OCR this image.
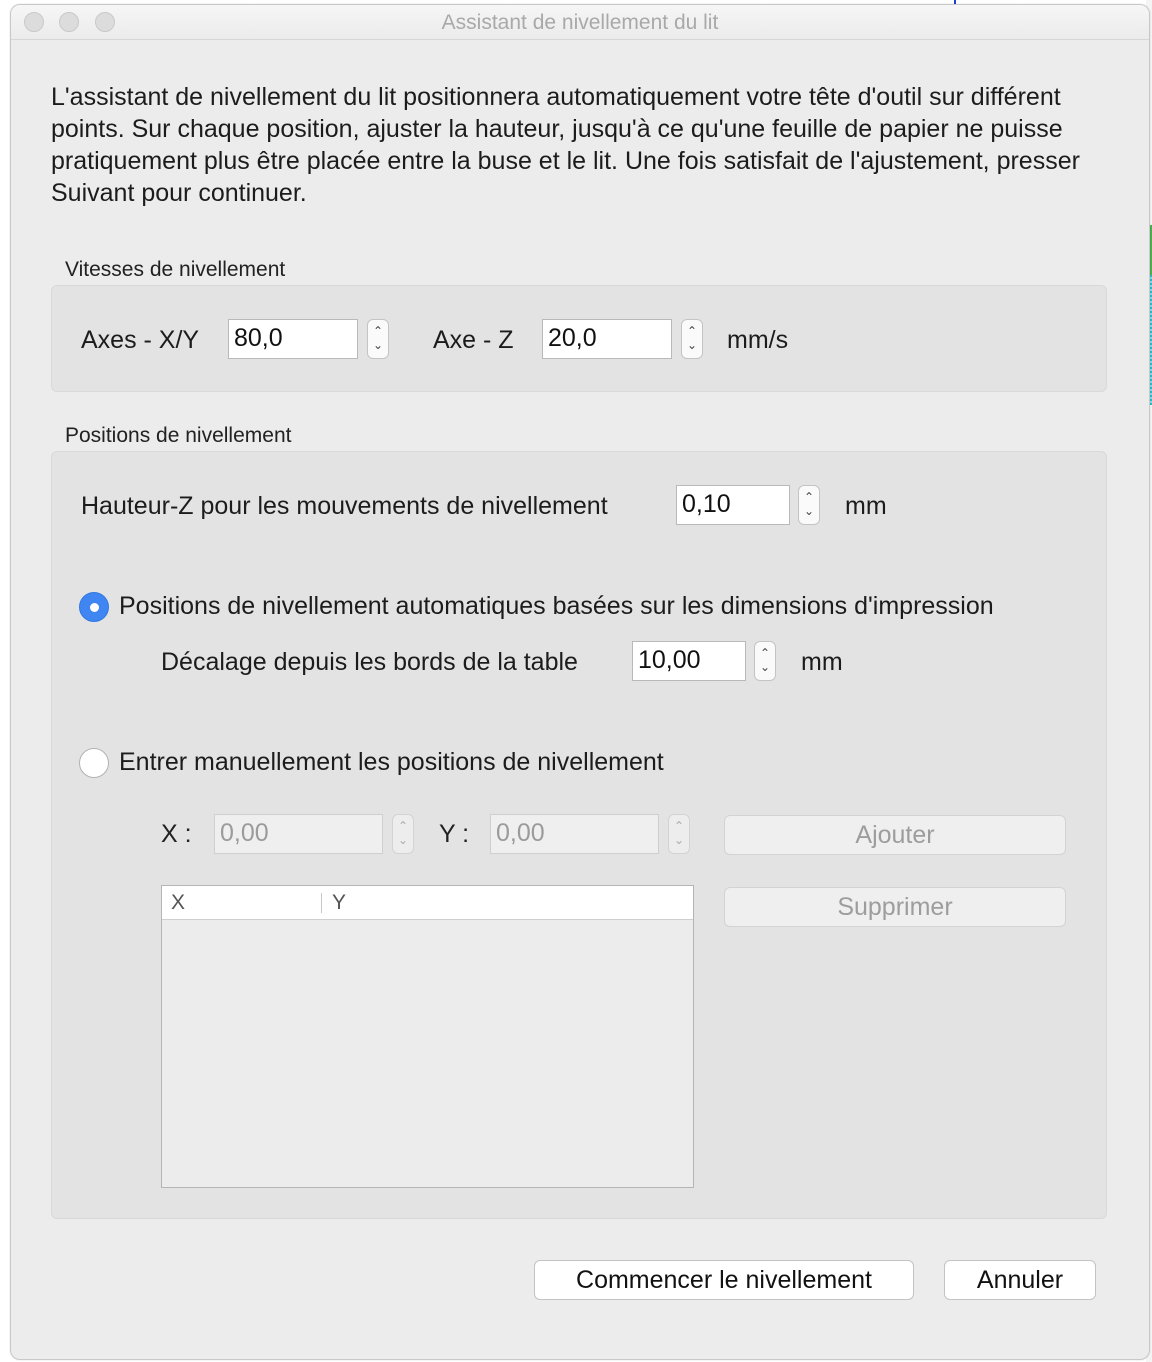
Assistant de nivellement du lit
L'assistant de nivellement du lit positionnera automatiquement votre tête d'outil sur différent points. Sur chaque position, ajuster la hauteur, jusqu'à ce qu'une feuille de papier ne puisse pratiquement plus être placée entre la buse et le lit. Une fois satisfait de l'ajustement, presser Suivant pour continuer.
Vitesses de nivellement
Axes - X/Y 80,0	⌃
⌄ Axe - Z 20,0	⌃
⌄ mm/s
Positions de nivellement
Hauteur-Z pour les mouvements de nivellement	0,10	⌃
⌄ mm
Positions de nivellement automatiques basées sur les dimensions d'impression
Décalage depuis les bords de la table 10,00	⌃
⌄ mm
Entrer manuellement les positions de nivellement
X : 0,00	⌃
⌄ Y : 0,00	⌃
⌄	Ajouter
Supprimer
X	Y
Commencer le nivellement	Annuler
